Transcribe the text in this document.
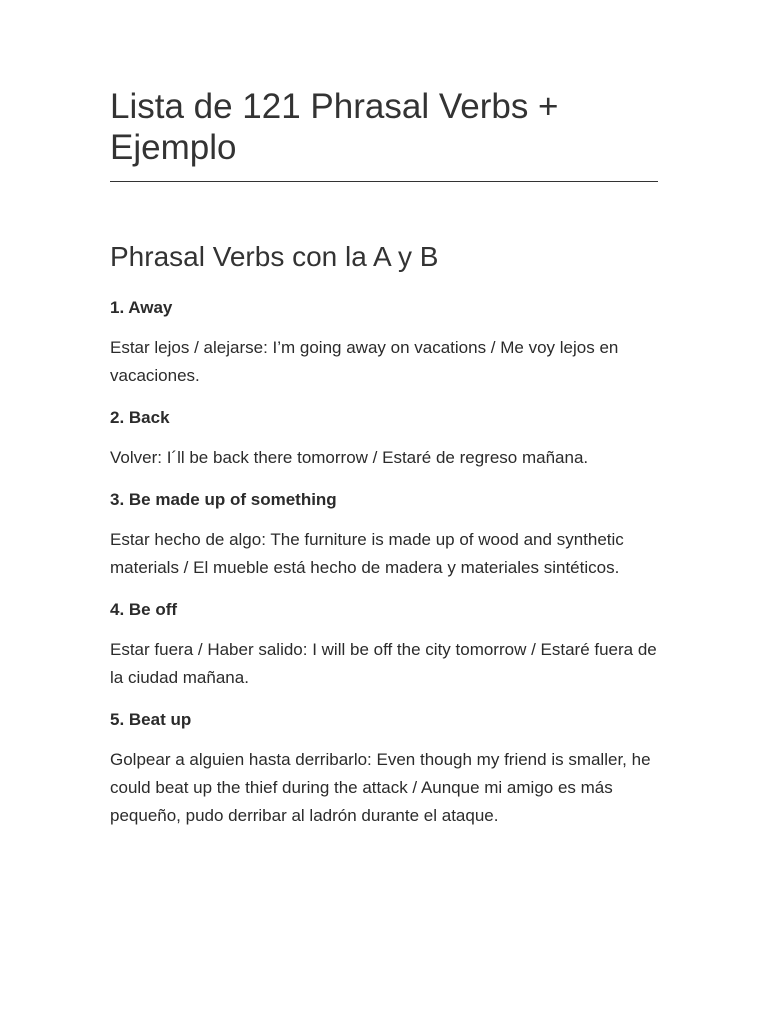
Lista de 121 Phrasal Verbs + Ejemplo
Phrasal Verbs con la A y B

1. Away

Estar lejos / alejarse: I’m going away on vacations / Me voy lejos en vacaciones.

2. Back

Volver: I´ll be back there tomorrow / Estaré de regreso mañana.

3. Be made up of something

Estar hecho de algo: The furniture is made up of wood and synthetic materials / El mueble está hecho de madera y materiales sintéticos.

4. Be off

Estar fuera / Haber salido: I will be off the city tomorrow / Estaré fuera de la ciudad mañana.

5. Beat up

Golpear a alguien hasta derribarlo: Even though my friend is smaller, he could beat up the thief during the attack / Aunque mi amigo es más pequeño, pudo derribar al ladrón durante el ataque.
